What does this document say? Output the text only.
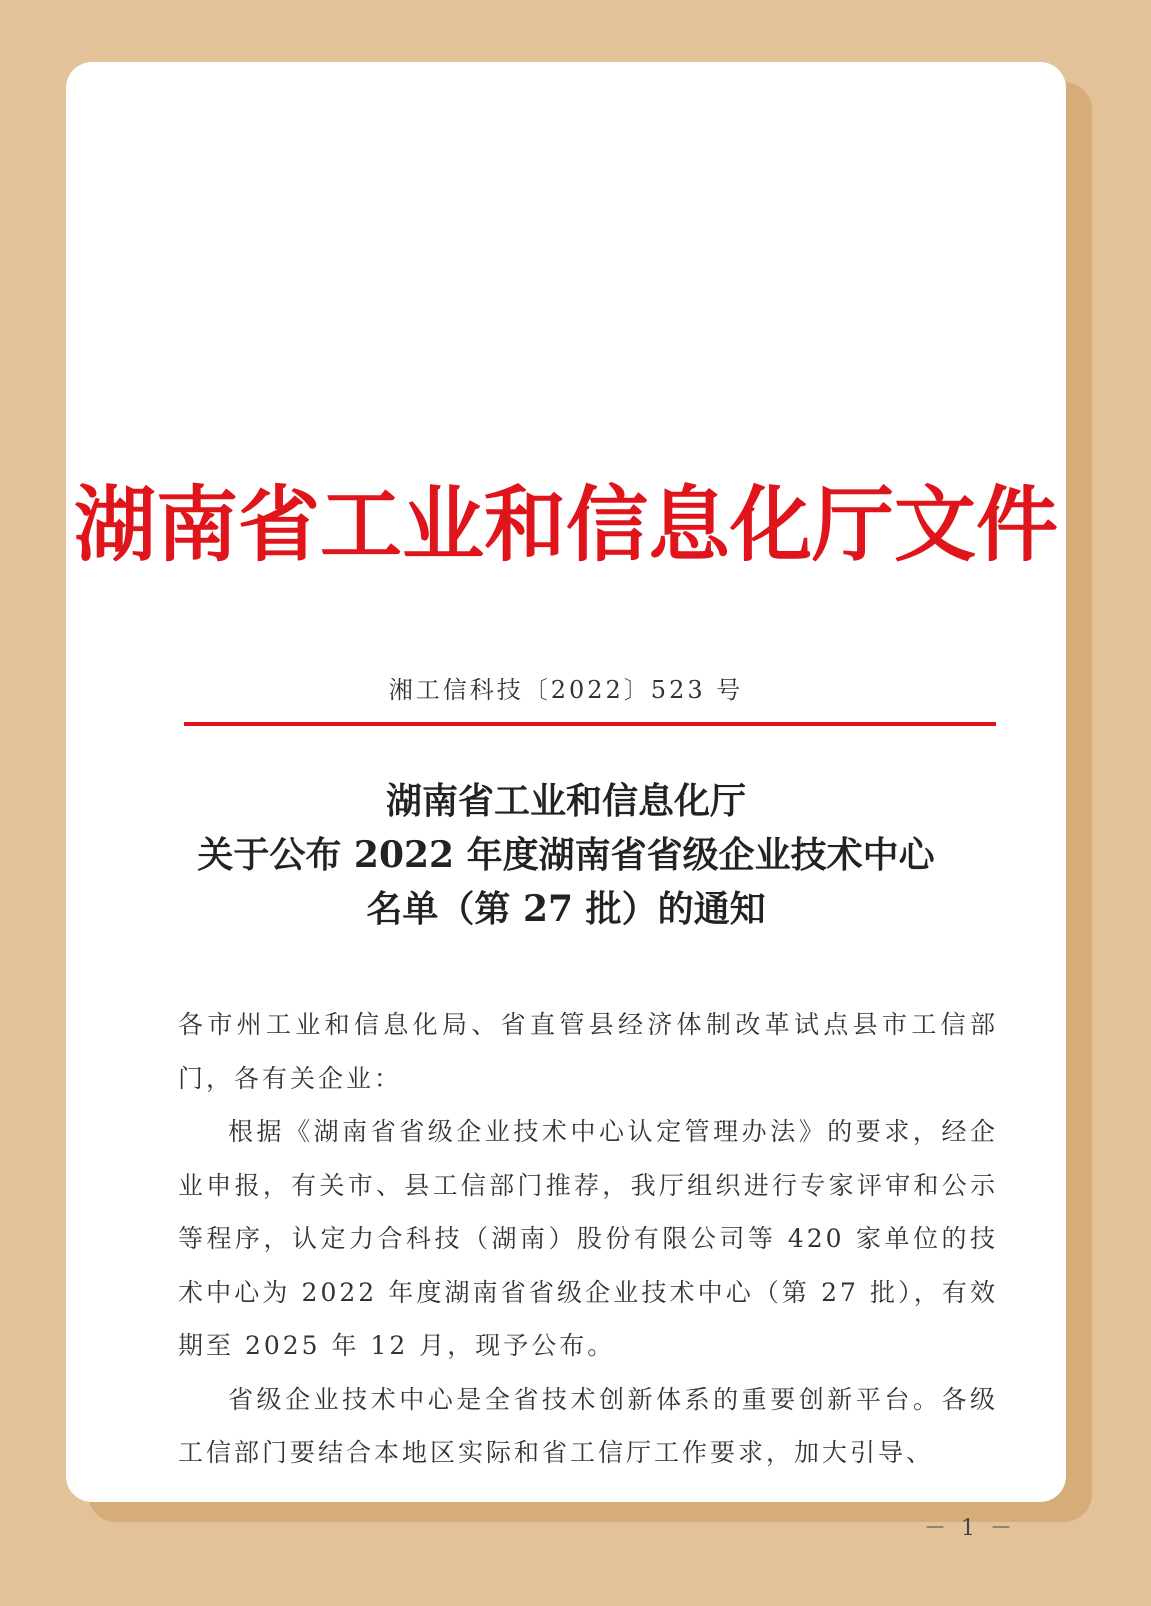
湖南省工业和信息化厅文件
湘工信科技〔2022〕523 号
湖南省工业和信息化厅
关于公布 2022 年度湖南省省级企业技术中心
名单（第 27 批）的通知

各市州工业和信息化局、省直管县经济体制改革试点县市工信部门，各有关企业：

根据《湖南省省级企业技术中心认定管理办法》的要求，经企业申报，有关市、县工信部门推荐，我厅组织进行专家评审和公示等程序，认定力合科技（湖南）股份有限公司等 420 家单位的技术中心为 2022 年度湖南省省级企业技术中心（第 27 批），有效期至 2025 年 12 月，现予公布。

省级企业技术中心是全省技术创新体系的重要创新平台。各级工信部门要结合本地区实际和省工信厅工作要求，加大引导、

－ 1 －
